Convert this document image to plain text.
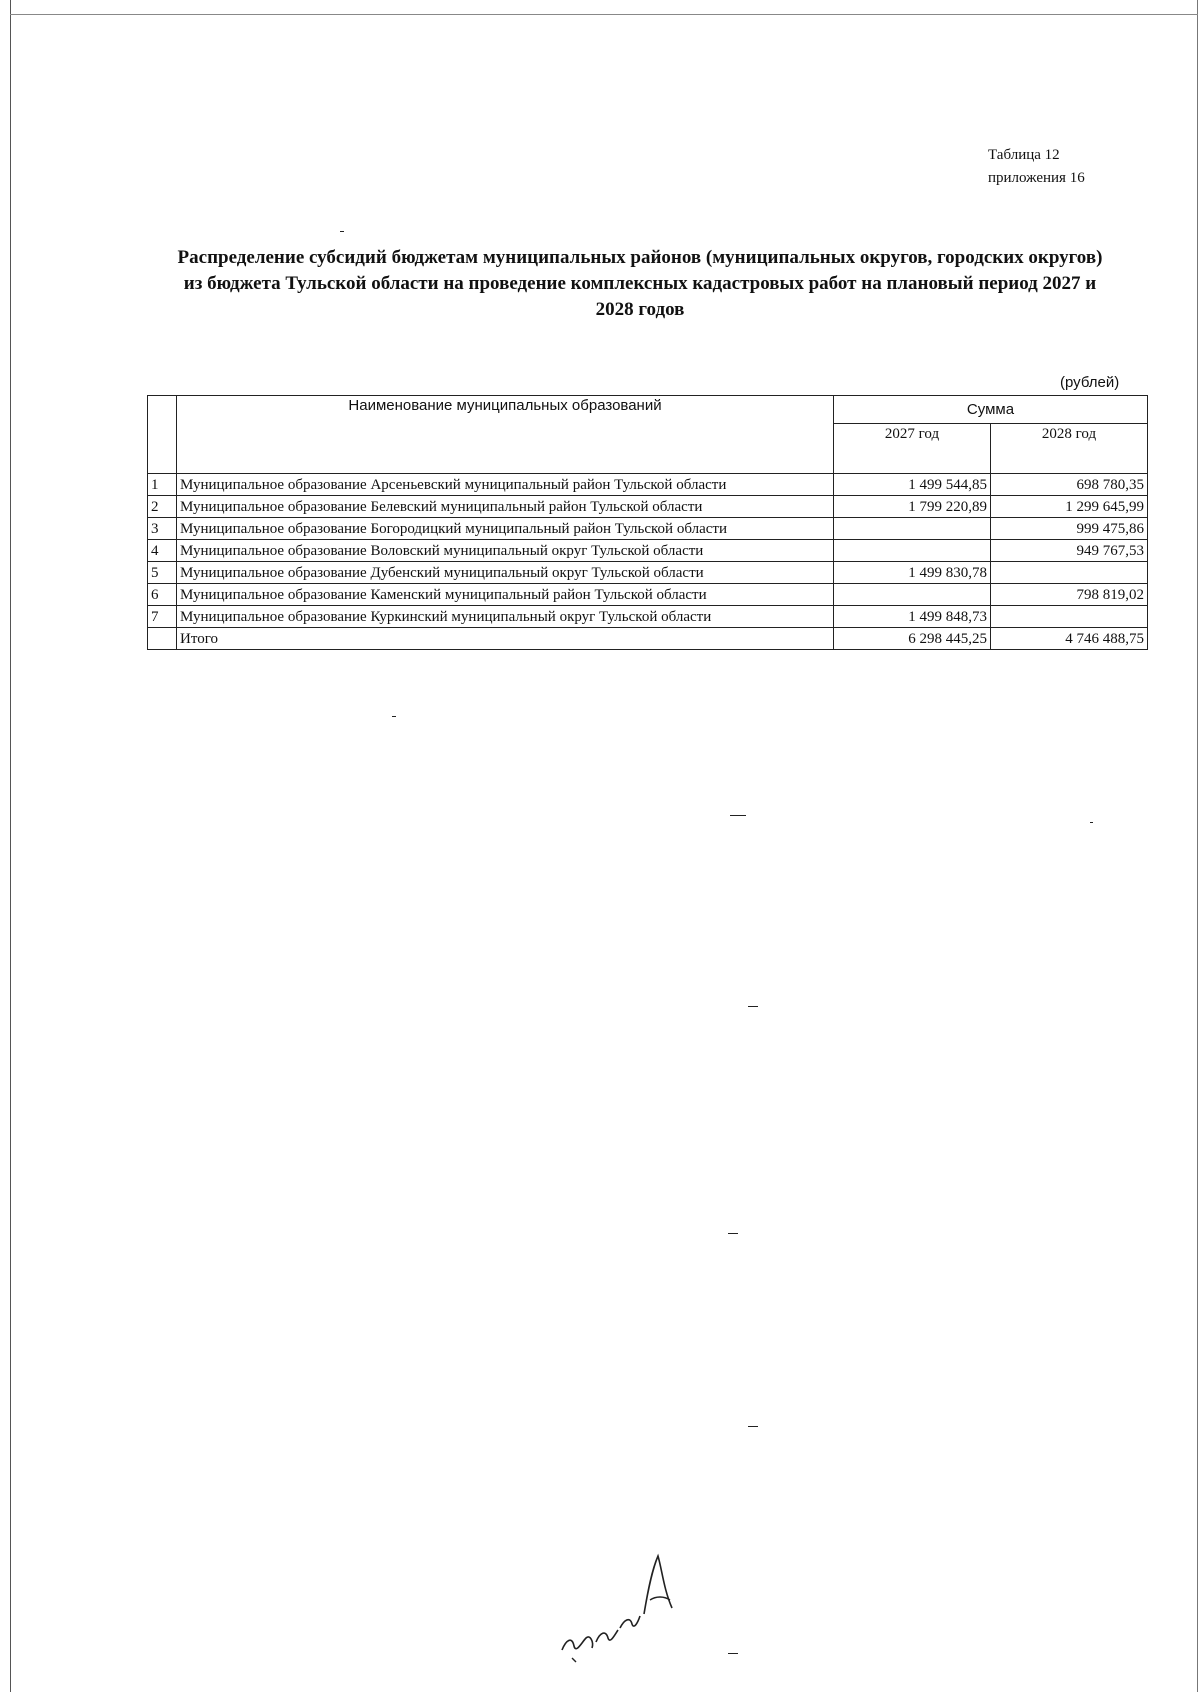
Таблица 12
приложения 16
Распределение субсидий бюджетам муниципальных районов (муниципальных округов, городских округов)
из бюджета Тульской области на проведение комплексных кадастровых работ на плановый период 2027 и
2028 годов
(рублей)
	Наименование муниципальных образований	Сумма	
		2027 год	2028 год
1	Муниципальное образование Арсеньевский муниципальный район Тульской области	1 499 544,85	698 780,35
2	Муниципальное образование Белевский муниципальный район Тульской области	1 799 220,89	1 299 645,99
3	Муниципальное образование Богородицкий муниципальный район Тульской области		999 475,86
4	Муниципальное образование Воловский муниципальный округ Тульской области		949 767,53
5	Муниципальное образование Дубенский муниципальный округ Тульской области	1 499 830,78	
6	Муниципальное образование Каменский муниципальный район Тульской области		798 819,02
7	Муниципальное образование Куркинский муниципальный округ Тульской области	1 499 848,73	
	Итого	6 298 445,25	4 746 488,75
